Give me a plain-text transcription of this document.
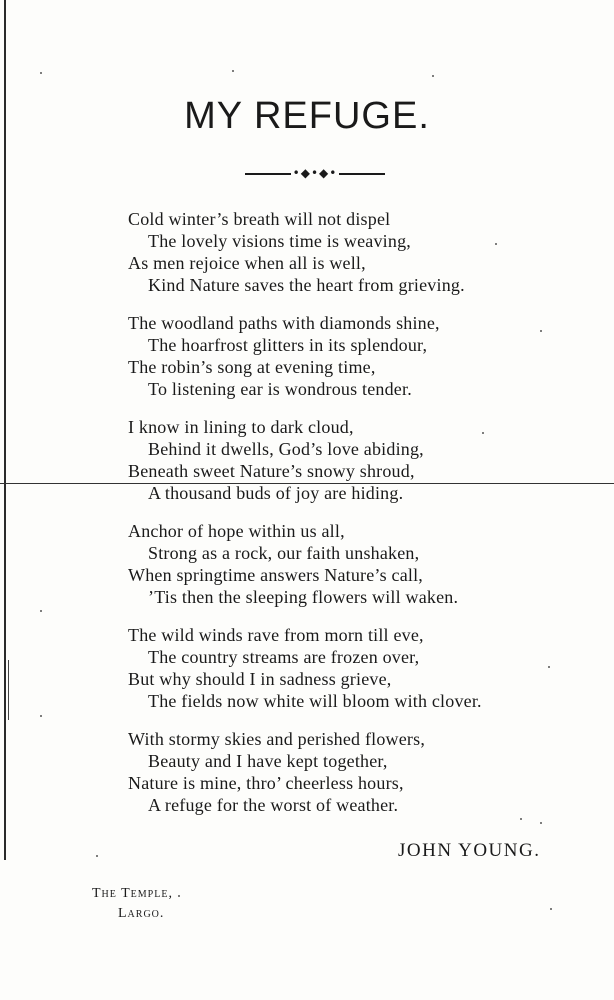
MY REFUGE.
•◆•◆•
Cold winter’s breath will not dispel
The lovely visions time is weaving,
As men rejoice when all is well,
Kind Nature saves the heart from grieving.
The woodland paths with diamonds shine,
The hoarfrost glitters in its splendour,
The robin’s song at evening time,
To listening ear is wondrous tender.
I know in lining to dark cloud,
Behind it dwells, God’s love abiding,
Beneath sweet Nature’s snowy shroud,
A thousand buds of joy are hiding.
Anchor of hope within us all,
Strong as a rock, our faith unshaken,
When springtime answers Nature’s call,
’Tis then the sleeping flowers will waken.
The wild winds rave from morn till eve,
The country streams are frozen over,
But why should I in sadness grieve,
The fields now white will bloom with clover.
With stormy skies and perished flowers,
Beauty and I have kept together,
Nature is mine, thro’ cheerless hours,
A refuge for the worst of weather.
JOHN YOUNG.
The Temple,
Largo.
